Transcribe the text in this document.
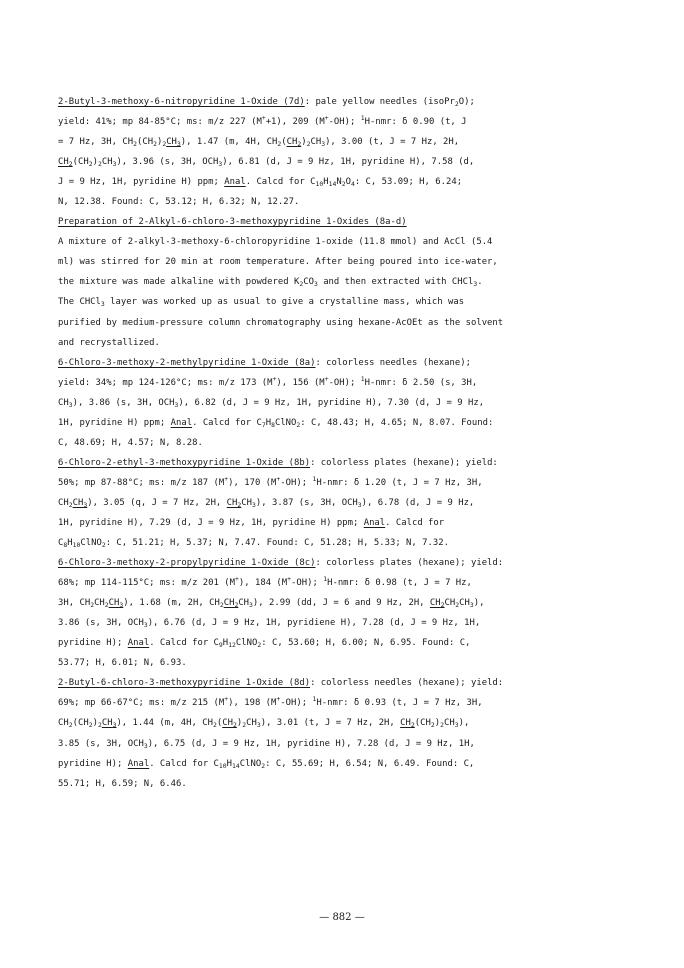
2-Butyl-3-methoxy-6-nitropyridine 1-Oxide (7d): pale yellow needles (isoPr$_2$O);
yield: 41%; mp 84-85°C; ms: m/z 227 (M++1), 209 (M+-OH); $^1$H-nmr: δ 0.90 (t, J
= 7 Hz, 3H, $CH_2(CH_2)_2CH_3$), 1.47 (m, 4H, $CH_2(CH_2)_2CH_3$), 3.00 (t, J = 7 Hz, 2H,
$CH_2(CH_2)_2CH_3$), 3.96 (s, 3H, $OCH_3$), 6.81 (d, J = 9 Hz, 1H, pyridine H), 7.58 (d,
J = 9 Hz, 1H, pyridine H) ppm; Anal. Calcd for $C_{10}H_{14}N_2O_4$: C, 53.09; H, 6.24;
N, 12.38. Found: C, 53.12; H, 6.32; N, 12.27.
Preparation of 2-Alkyl-6-chloro-3-methoxypyridine 1-Oxides (8a-d)
A mixture of 2-alkyl-3-methoxy-6-chloropyridine 1-oxide (11.8 mmol) and AcCl (5.4
ml) was stirred for 20 min at room temperature. After being poured into ice-water,
the mixture was made alkaline with powdered $K_2CO_3$ and then extracted with CHCl$_3$.
The CHCl$_3$ layer was worked up as usual to give a crystalline mass, which was
purified by medium-pressure column chromatography using hexane-AcOEt as the solvent
and recrystallized.
6-Chloro-3-methoxy-2-methylpyridine 1-Oxide (8a): colorless needles (hexane);
yield: 34%; mp 124-126°C; ms: m/z 173 (M+), 156 (M+-OH); $^1$H-nmr: δ 2.50 (s, 3H,
$CH_3$), 3.86 (s, 3H, $OCH_3$), 6.82 (d, J = 9 Hz, 1H, pyridine H), 7.30 (d, J = 9 Hz,
1H, pyridine H) ppm; Anal. Calcd for $C_7H_8ClNO_2$: C, 48.43; H, 4.65; N, 8.07. Found:
C, 48.69; H, 4.57; N, 8.28.
6-Chloro-2-ethyl-3-methoxypyridine 1-Oxide (8b): colorless plates (hexane); yield:
50%; mp 87-88°C; ms: m/z 187 (M+), 170 (M+-OH); $^1$H-nmr: δ 1.20 (t, J = 7 Hz, 3H,
$CH_2CH_3$), 3.05 (q, J = 7 Hz, 2H, $CH_2CH_3$), 3.87 (s, 3H, $OCH_3$), 6.78 (d, J = 9 Hz,
1H, pyridine H), 7.29 (d, J = 9 Hz, 1H, pyridine H) ppm; Anal. Calcd for
$C_8H_{10}ClNO_2$: C, 51.21; H, 5.37; N, 7.47. Found: C, 51.28; H, 5.33; N, 7.32.
6-Chloro-3-methoxy-2-propylpyridine 1-Oxide (8c): colorless plates (hexane); yield:
68%; mp 114-115°C; ms: m/z 201 (M+), 184 (M+-OH); $^1$H-nmr: δ 0.98 (t, J = 7 Hz,
3H, $CH_2CH_2CH_3$), 1.68 (m, 2H, $CH_2CH_2CH_3$), 2.99 (dd, J = 6 and 9 Hz, 2H, $CH_2CH_2CH_3$),
3.86 (s, 3H, $OCH_3$), 6.76 (d, J = 9 Hz, 1H, pyridiene H), 7.28 (d, J = 9 Hz, 1H,
pyridine H); Anal. Calcd for $C_9H_{12}ClNO_2$: C, 53.60; H, 6.00; N, 6.95. Found: C,
53.77; H, 6.01; N, 6.93.
2-Butyl-6-chloro-3-methoxypyridine 1-Oxide (8d): colorless needles (hexane); yield:
69%; mp 66-67°C; ms: m/z 215 (M+), 198 (M+-OH); $^1$H-nmr: δ 0.93 (t, J = 7 Hz, 3H,
$CH_2(CH_2)_2CH_3$), 1.44 (m, 4H, $CH_2(CH_2)_2CH_3$), 3.01 (t, J = 7 Hz, 2H, $CH_2(CH_2)_2CH_3$),
3.85 (s, 3H, $OCH_3$), 6.75 (d, J = 9 Hz, 1H, pyridine H), 7.28 (d, J = 9 Hz, 1H,
pyridine H); Anal. Calcd for $C_{10}H_{14}ClNO_2$: C, 55.69; H, 6.54; N, 6.49. Found: C,
55.71; H, 6.59; N, 6.46.
— 882 —
